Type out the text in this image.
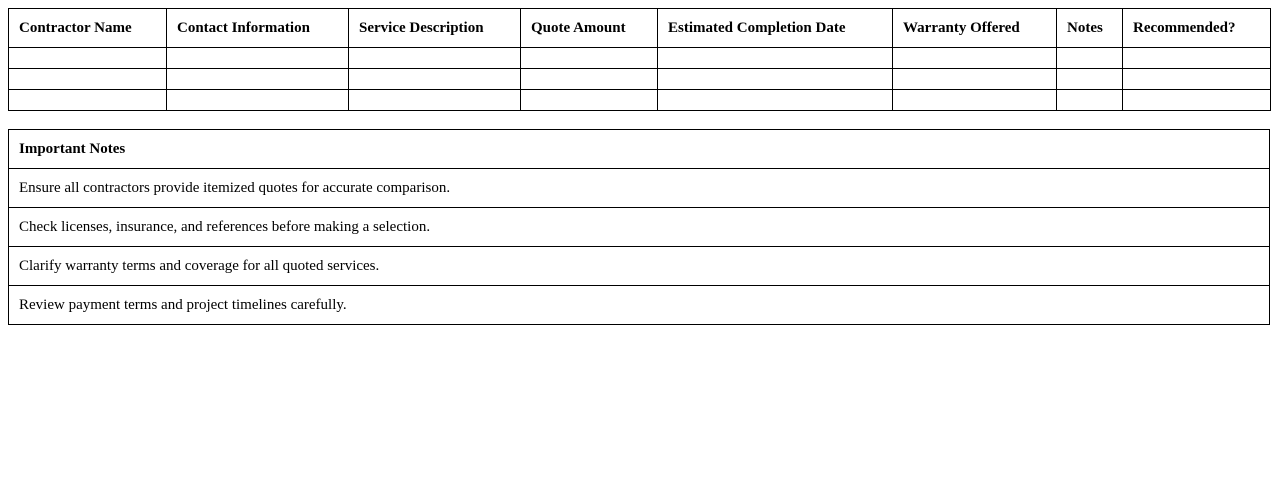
Contractor Name	Contact Information	Service Description	Quote Amount	Estimated Completion Date	Warranty Offered	Notes	Recommended?

Important Notes
Ensure all contractors provide itemized quotes for accurate comparison.
Check licenses, insurance, and references before making a selection.
Clarify warranty terms and coverage for all quoted services.
Review payment terms and project timelines carefully.
